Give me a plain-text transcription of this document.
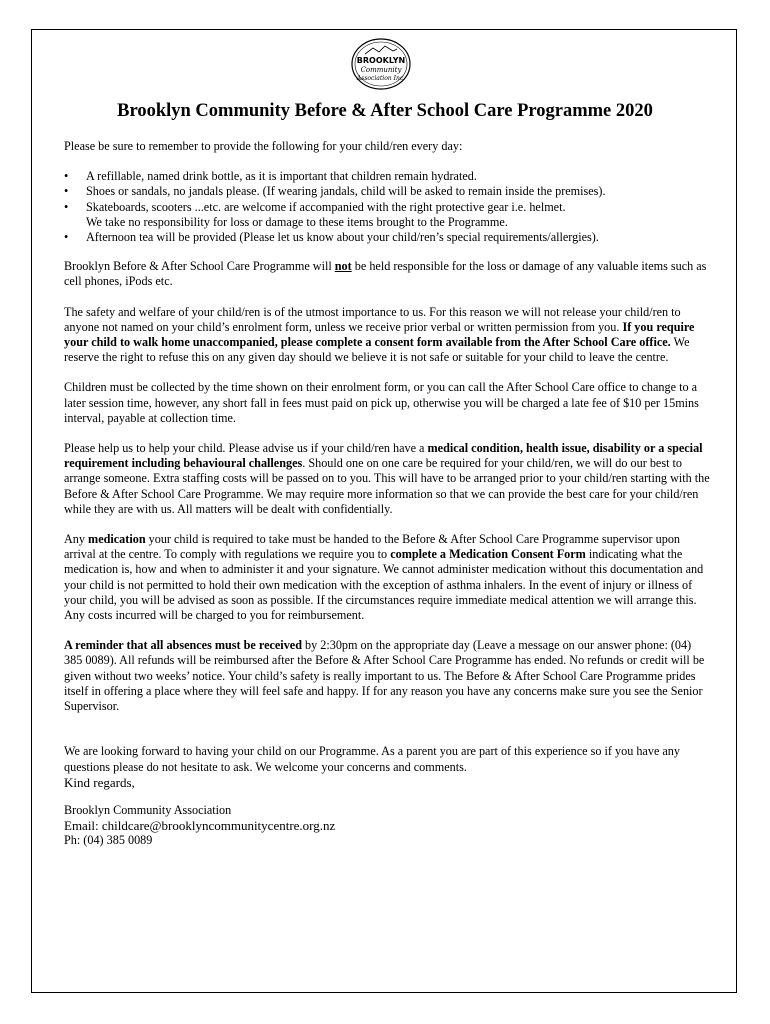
BROOKLYN
Community
Association Inc.
Brooklyn Community Before & After School Care Programme 2020

Please be sure to remember to provide the following for your child/ren every day:

• A refillable, named drink bottle, as it is important that children remain hydrated.
• Shoes or sandals, no jandals please. (If wearing jandals, child will be asked to remain inside the premises).
• Skateboards, scooters ...etc. are welcome if accompanied with the right protective gear i.e. helmet.
We take no responsibility for loss or damage to these items brought to the Programme.
• Afternoon tea will be provided (Please let us know about your child/ren’s special requirements/allergies).

Brooklyn Before & After School Care Programme will not be held responsible for the loss or damage of any valuable items such as cell phones, iPods etc.

The safety and welfare of your child/ren is of the utmost importance to us. For this reason we will not release your child/ren to anyone not named on your child’s enrolment form, unless we receive prior verbal or written permission from you. If you require your child to walk home unaccompanied, please complete a consent form available from the After School Care office. We reserve the right to refuse this on any given day should we believe it is not safe or suitable for your child to leave the centre.

Children must be collected by the time shown on their enrolment form, or you can call the After School Care office to change to a later session time, however, any short fall in fees must paid on pick up, otherwise you will be charged a late fee of $10 per 15mins interval, payable at collection time.

Please help us to help your child. Please advise us if your child/ren have a medical condition, health issue, disability or a special requirement including behavioural challenges. Should one on one care be required for your child/ren, we will do our best to arrange someone. Extra staffing costs will be passed on to you. This will have to be arranged prior to your child/ren starting with the Before & After School Care Programme. We may require more information so that we can provide the best care for your child/ren while they are with us. All matters will be dealt with confidentially.

Any medication your child is required to take must be handed to the Before & After School Care Programme supervisor upon arrival at the centre. To comply with regulations we require you to complete a Medication Consent Form indicating what the medication is, how and when to administer it and your signature. We cannot administer medication without this documentation and your child is not permitted to hold their own medication with the exception of asthma inhalers. In the event of injury or illness of your child, you will be advised as soon as possible. If the circumstances require immediate medical attention we will arrange this. Any costs incurred will be charged to you for reimbursement.

A reminder that all absences must be received by 2:30pm on the appropriate day (Leave a message on our answer phone: (04) 385 0089). All refunds will be reimbursed after the Before & After School Care Programme has ended. No refunds or credit will be given without two weeks’ notice. Your child’s safety is really important to us. The Before & After School Care Programme prides itself in offering a place where they will feel safe and happy. If for any reason you have any concerns make sure you see the Senior Supervisor.

We are looking forward to having your child on our Programme. As a parent you are part of this experience so if you have any questions please do not hesitate to ask. We welcome your concerns and comments.

Kind regards,

Brooklyn Community Association

Email: childcare@brooklyncommunitycentre.org.nz

Ph: (04) 385 0089
